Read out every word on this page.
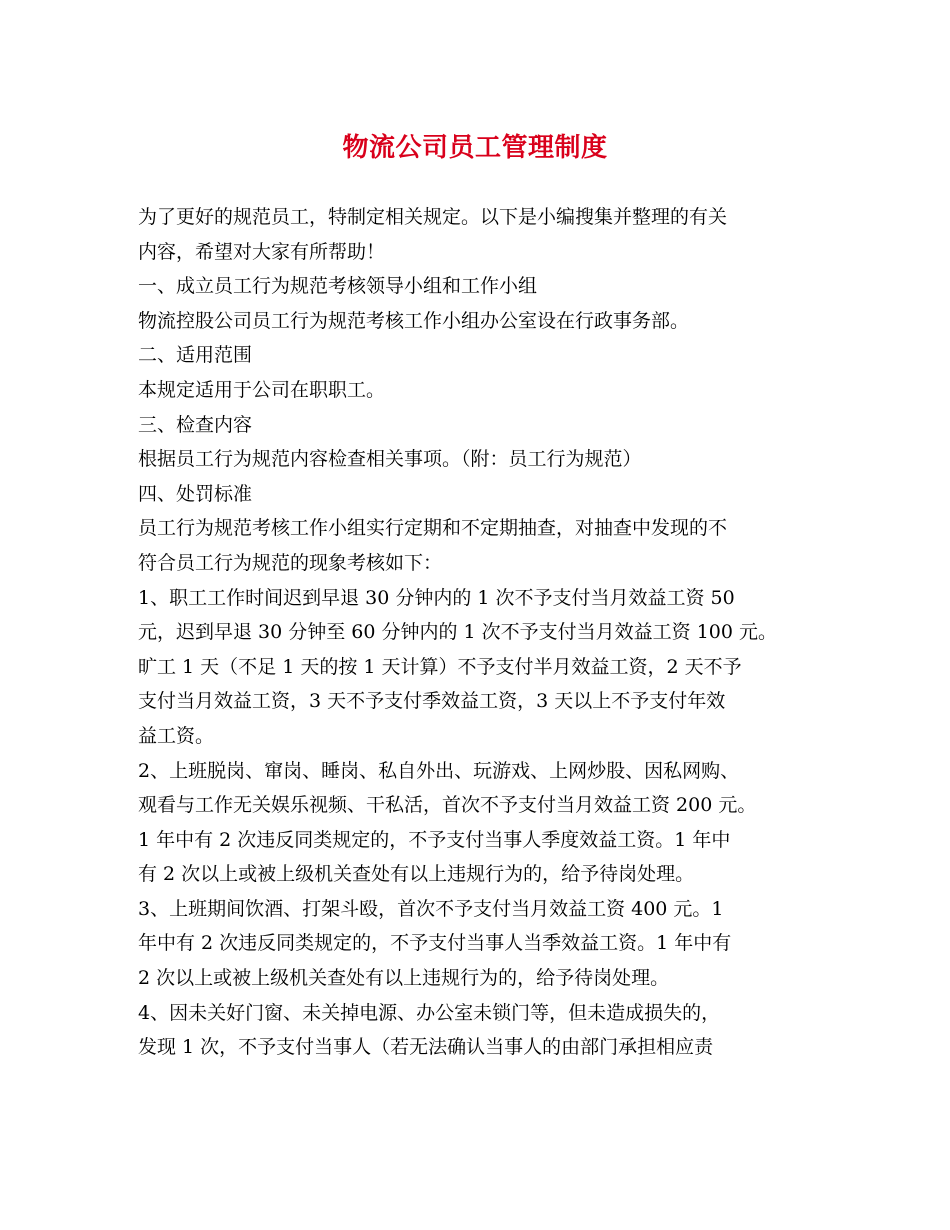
物流公司员工管理制度

为了更好的规范员工，特制定相关规定。以下是小编搜集并整理的有关

内容，希望对大家有所帮助！

一、成立员工行为规范考核领导小组和工作小组

物流控股公司员工行为规范考核工作小组办公室设在行政事务部。

二、适用范围

本规定适用于公司在职职工。

三、检查内容

根据员工行为规范内容检查相关事项。（附：员工行为规范）

四、处罚标准

员工行为规范考核工作小组实行定期和不定期抽查，对抽查中发现的不

符合员工行为规范的现象考核如下：

1、职工工作时间迟到早退 30 分钟内的 1 次不予支付当月效益工资 50

元，迟到早退 30 分钟至 60 分钟内的 1 次不予支付当月效益工资 100 元。

旷工 1 天（不足 1 天的按 1 天计算）不予支付半月效益工资，2 天不予

支付当月效益工资，3 天不予支付季效益工资，3 天以上不予支付年效

益工资。

2、上班脱岗、窜岗、睡岗、私自外出、玩游戏、上网炒股、因私网购、

观看与工作无关娱乐视频、干私活，首次不予支付当月效益工资 200 元。

1 年中有 2 次违反同类规定的，不予支付当事人季度效益工资。1 年中

有 2 次以上或被上级机关查处有以上违规行为的，给予待岗处理。

3、上班期间饮酒、打架斗殴，首次不予支付当月效益工资 400 元。1

年中有 2 次违反同类规定的，不予支付当事人当季效益工资。1 年中有

2 次以上或被上级机关查处有以上违规行为的，给予待岗处理。

4、因未关好门窗、未关掉电源、办公室未锁门等，但未造成损失的，

发现 1 次，不予支付当事人（若无法确认当事人的由部门承担相应责
